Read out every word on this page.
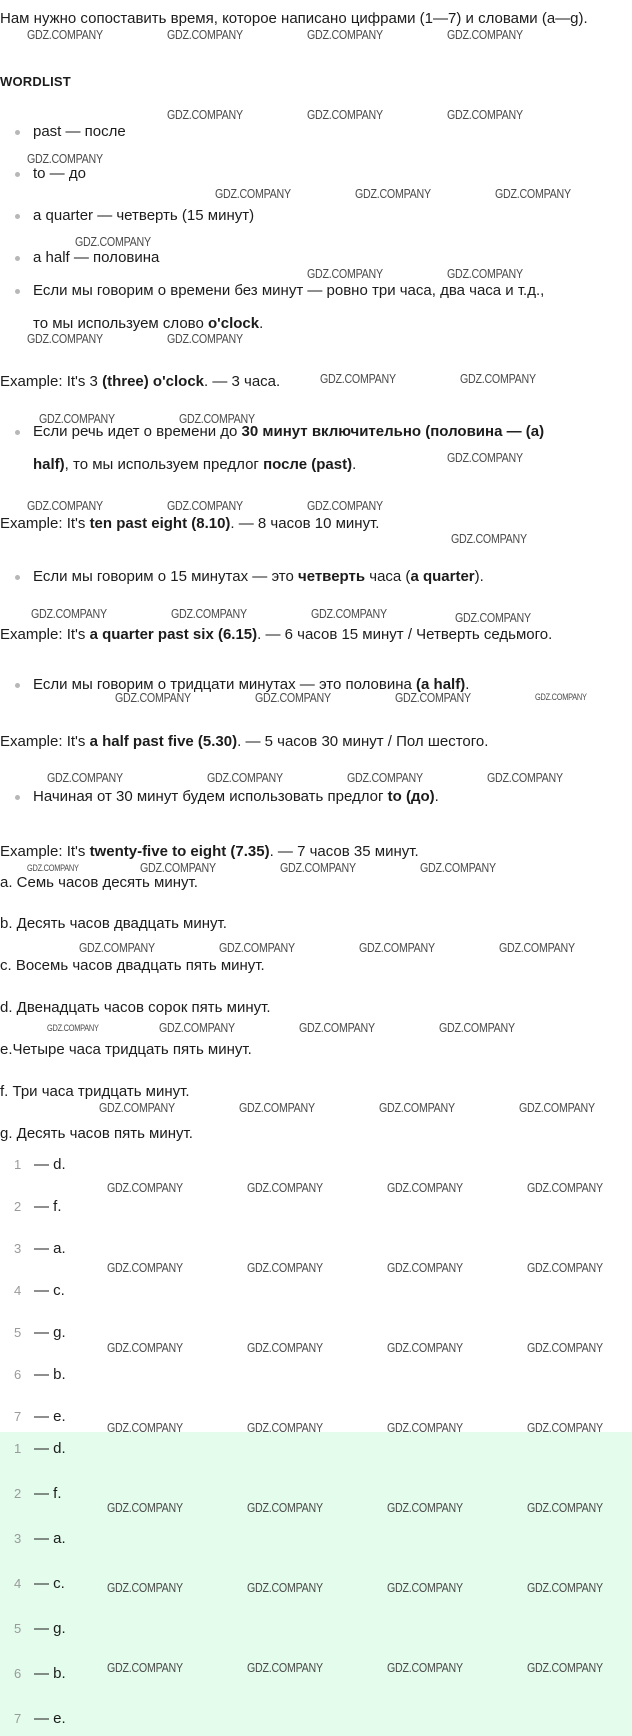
Нам нужно сопоставить время, которое написано цифрами (1—7) и словами (а—g).
WORDLIST
past — после
to — до
a quarter — четверть (15 минут)
a half — половина
Если мы говорим о времени без минут — ровно три часа, два часа и т.д.,
то мы используем слово o'clock.
Example: It's 3 (three) o'clock. — 3 часа.
Если речь идет о времени до 30 минут включительно (половина — (a)
half), то мы используем предлог после (past).
Example: It's ten past eight (8.10). — 8 часов 10 минут.
Если мы говорим о 15 минутах — это четверть часа (a quarter).
Example: It's a quarter past six (6.15). — 6 часов 15 минут / Четверть седьмого.
Если мы говорим о тридцати минутах — это половина (a half).
Example: It's a half past five (5.30). — 5 часов 30 минут / Пол шестого.
Начиная от 30 минут будем использовать предлог to (до).
Example: It's twenty-five to eight (7.35). — 7 часов 35 минут.
a. Семь часов десять минут.
b. Десять часов двадцать минут.
c. Восемь часов двадцать пять минут.
d. Двенадцать часов сорок пять минут.
e.Четыре часа тридцать пять минут.
f. Три часа тридцать минут.
g. Десять часов пять минут.
1 — d.
2 — f.
3 — a.
4 — c.
5 — g.
6 — b.
7 — e.
1 — d.
2 — f.
3 — a.
4 — c.
5 — g.
6 — b.
7 — e.
GDZ.COMPANY	GDZ.COMPANY	GDZ.COMPANY	GDZ.COMPANY
GDZ.COMPANY	GDZ.COMPANY	GDZ.COMPANY
GDZ.COMPANY
GDZ.COMPANY	GDZ.COMPANY	GDZ.COMPANY
GDZ.COMPANY
GDZ.COMPANY	GDZ.COMPANY
GDZ.COMPANY	GDZ.COMPANY
GDZ.COMPANY	GDZ.COMPANY
GDZ.COMPANY	GDZ.COMPANY
GDZ.COMPANY
GDZ.COMPANY	GDZ.COMPANY	GDZ.COMPANY
GDZ.COMPANY
GDZ.COMPANY	GDZ.COMPANY	GDZ.COMPANY	GDZ.COMPANY
GDZ.COMPANY	GDZ.COMPANY	GDZ.COMPANY	GDZ.COMPANY
GDZ.COMPANY	GDZ.COMPANY	GDZ.COMPANY	GDZ.COMPANY
GDZ.COMPANY	GDZ.COMPANY	GDZ.COMPANY	GDZ.COMPANY
GDZ.COMPANY	GDZ.COMPANY	GDZ.COMPANY	GDZ.COMPANY
GDZ.COMPANY	GDZ.COMPANY	GDZ.COMPANY	GDZ.COMPANY
GDZ.COMPANY	GDZ.COMPANY	GDZ.COMPANY	GDZ.COMPANY
GDZ.COMPANY	GDZ.COMPANY	GDZ.COMPANY	GDZ.COMPANY
GDZ.COMPANY	GDZ.COMPANY	GDZ.COMPANY	GDZ.COMPANY
GDZ.COMPANY	GDZ.COMPANY	GDZ.COMPANY	GDZ.COMPANY
GDZ.COMPANY	GDZ.COMPANY	GDZ.COMPANY	GDZ.COMPANY
GDZ.COMPANY	GDZ.COMPANY	GDZ.COMPANY	GDZ.COMPANY
GDZ.COMPANY	GDZ.COMPANY	GDZ.COMPANY	GDZ.COMPANY
GDZ.COMPANY	GDZ.COMPANY	GDZ.COMPANY	GDZ.COMPANY
